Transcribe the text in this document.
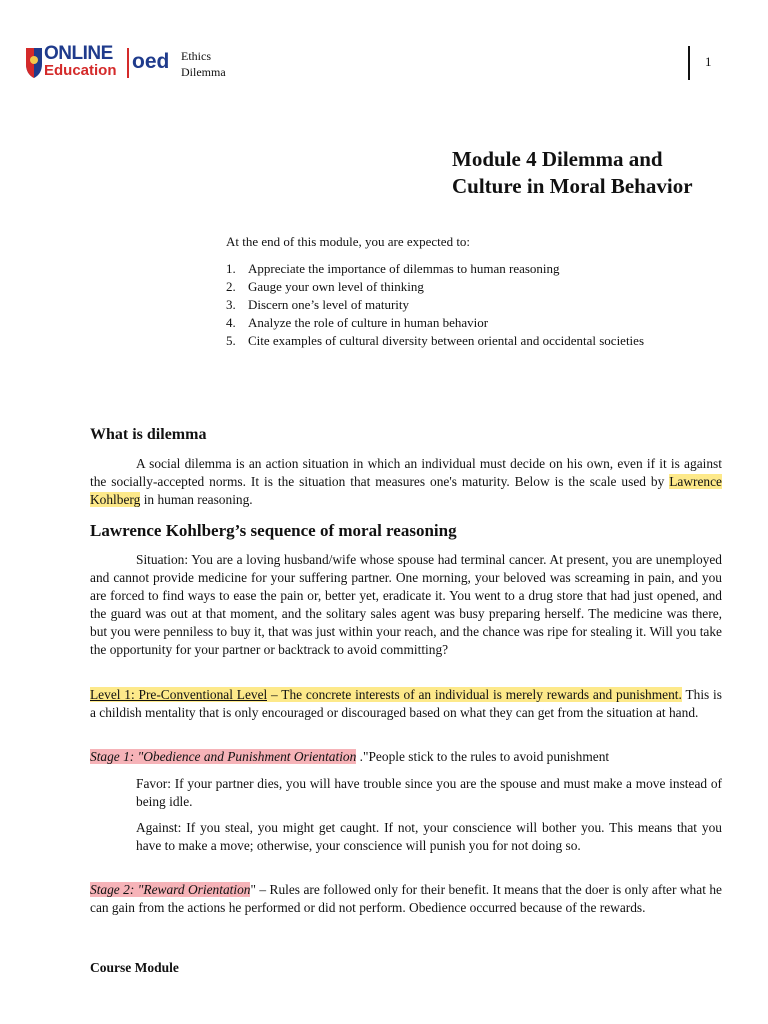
ONLINE
Education oed Ethics
Dilemma
1
Module 4 Dilemma and
Culture in Moral Behavior
At the end of this module, you are expected to:
1. Appreciate the importance of dilemmas to human reasoning
2. Gauge your own level of thinking
3. Discern one’s level of maturity
4. Analyze the role of culture in human behavior
5. Cite examples of cultural diversity between oriental and occidental societies
What is dilemma
A social dilemma is an action situation in which an individual must decide on his own, even if it is against the socially-accepted norms. It is the situation that measures one's maturity. Below is the scale used by Lawrence Kohlberg in human reasoning.
Lawrence Kohlberg’s sequence of moral reasoning
Situation: You are a loving husband/wife whose spouse had terminal cancer. At present, you are unemployed and cannot provide medicine for your suffering partner. One morning, your beloved was screaming in pain, and you are forced to find ways to ease the pain or, better yet, eradicate it. You went to a drug store that had just opened, and the guard was out at that moment, and the solitary sales agent was busy preparing herself. The medicine was there, but you were penniless to buy it, that was just within your reach, and the chance was ripe for stealing it. Will you take the opportunity for your partner or backtrack to avoid committing?
Level 1: Pre-Conventional Level – The concrete interests of an individual is merely rewards and punishment. This is a childish mentality that is only encouraged or discouraged based on what they can get from the situation at hand.
Stage 1: "Obedience and Punishment Orientation ."People stick to the rules to avoid punishment
Favor: If your partner dies, you will have trouble since you are the spouse and must make a move instead of being idle.
Against: If you steal, you might get caught. If not, your conscience will bother you. This means that you have to make a move; otherwise, your conscience will punish you for not doing so.
Stage 2: "Reward Orientation" – Rules are followed only for their benefit. It means that the doer is only after what he can gain from the actions he performed or did not perform. Obedience occurred because of the rewards.
Course Module
